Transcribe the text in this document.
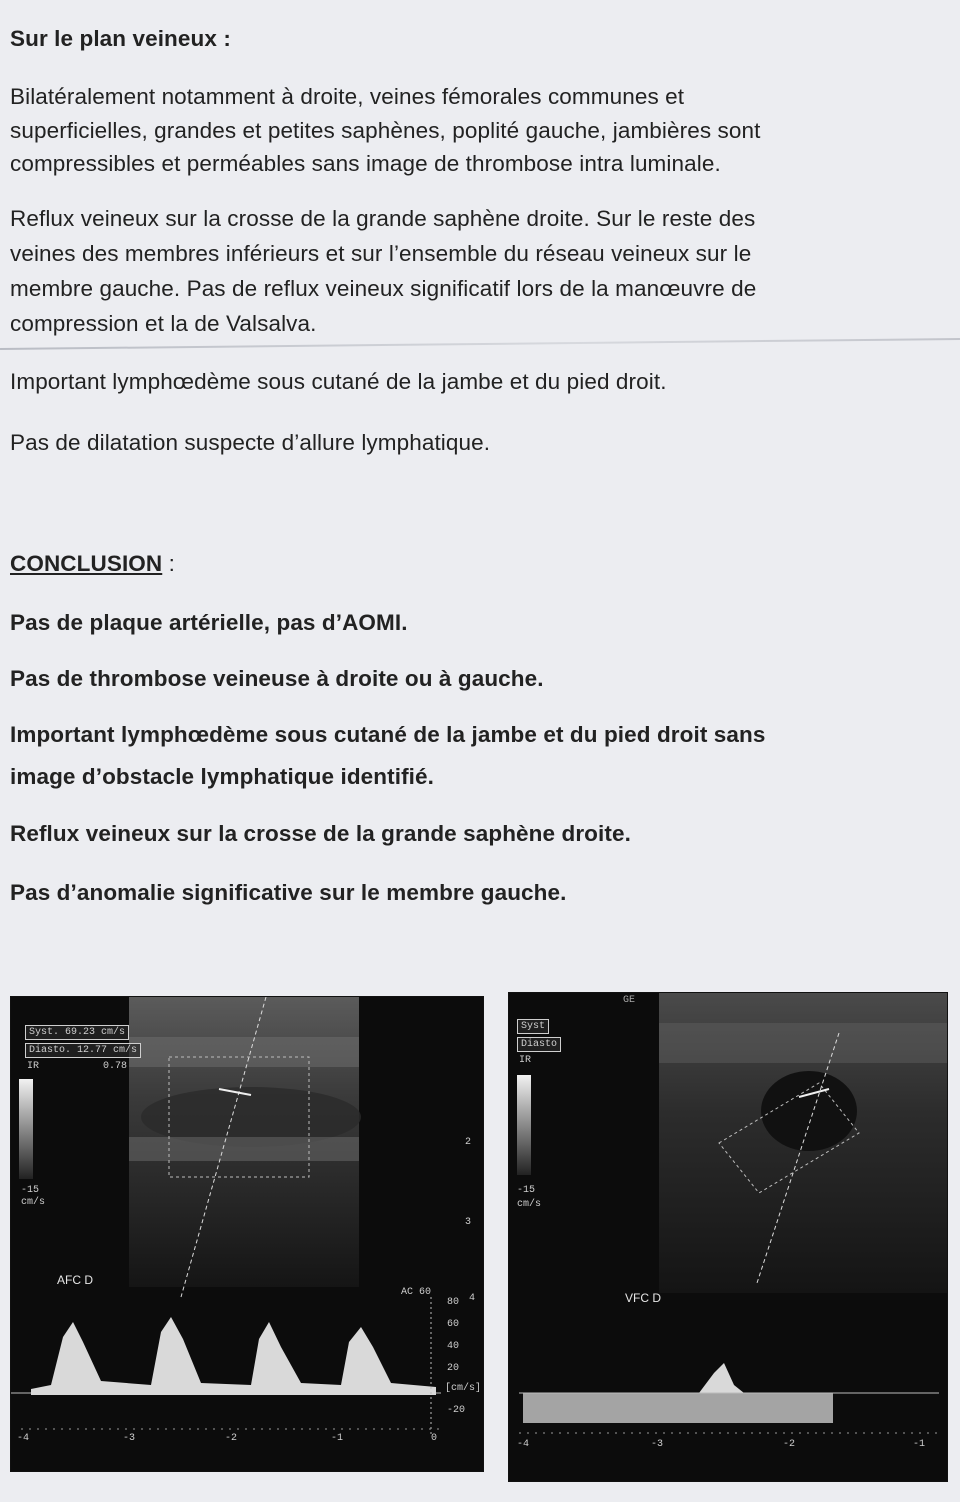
Sur le plan veineux :

Bilatéralement notamment à droite, veines fémorales communes et

superficielles, grandes et petites saphènes, poplité gauche, jambières sont

compressibles et perméables sans image de thrombose intra luminale.

Reflux veineux sur la crosse de la grande saphène droite. Sur le reste des

veines des membres inférieurs et sur l’ensemble du réseau veineux sur le

membre gauche. Pas de reflux veineux significatif lors de la manœuvre de

compression et la de Valsalva.

Important lymphœdème sous cutané de la jambe et du pied droit.

Pas de dilatation suspecte d’allure lymphatique.

CONCLUSION :

Pas de plaque artérielle, pas d’AOMI.

Pas de thrombose veineuse à droite ou à gauche.

Important lymphœdème sous cutané de la jambe et du pied droit sans

image d’obstacle lymphatique identifié.

Reflux veineux sur la crosse de la grande saphène droite.

Pas d’anomalie significative sur le membre gauche.

Syst. 69.23 cm/s
Diasto. 12.77 cm/s
IR	0.78
-15
cm/s
AFC D
AC 60
2
3
4
80
60
40
20
[cm/s]
-20
-4	-3	-2	-1	0
GE
Syst
Diasto
IR
-15
cm/s
VFC D
-4	-3	-2	-1
